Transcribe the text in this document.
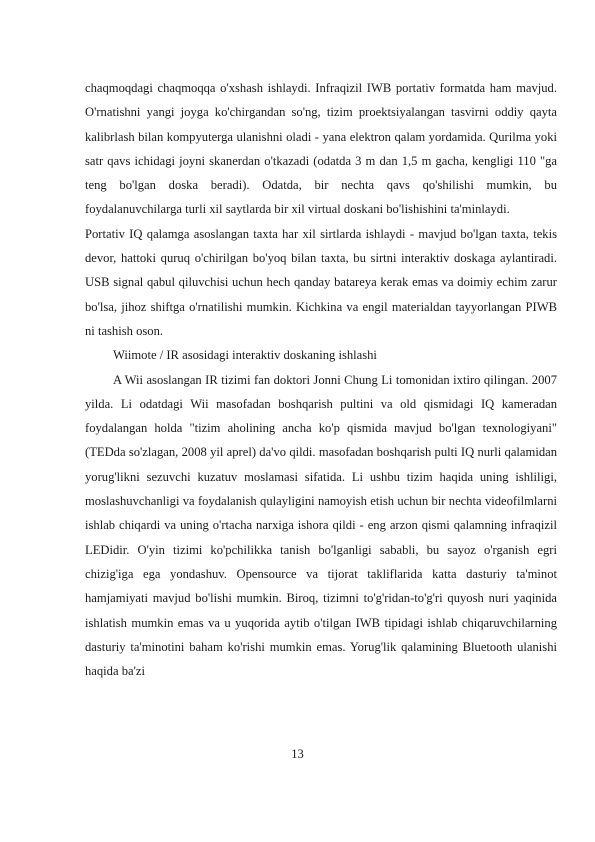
chaqmoqdagi chaqmoqqa o'xshash ishlaydi. Infraqizil IWB portativ formatda ham mavjud. O'rnatishni yangi joyga ko'chirgandan so'ng, tizim proektsiyalangan tasvirni oddiy qayta kalibrlash bilan kompyuterga ulanishni oladi - yana elektron qalam yordamida. Qurilma yoki satr qavs ichidagi joyni skanerdan o'tkazadi (odatda 3 m dan 1,5 m gacha, kengligi 110 "ga teng bo'lgan doska beradi). Odatda, bir nechta qavs qo'shilishi mumkin, bu foydalanuvchilarga turli xil saytlarda bir xil virtual doskani bo'lishishini ta'minlaydi.

Portativ IQ qalamga asoslangan taxta har xil sirtlarda ishlaydi - mavjud bo'lgan taxta, tekis devor, hattoki quruq o'chirilgan bo'yoq bilan taxta, bu sirtni interaktiv doskaga aylantiradi. USB signal qabul qiluvchisi uchun hech qanday batareya kerak emas va doimiy echim zarur bo'lsa, jihoz shiftga o'rnatilishi mumkin. Kichkina va engil materialdan tayyorlangan PIWB ni tashish oson.

Wiimote / IR asosidagi interaktiv doskaning ishlashi

A Wii asoslangan IR tizimi fan doktori Jonni Chung Li tomonidan ixtiro qilingan. 2007 yilda. Li odatdagi Wii masofadan boshqarish pultini va old qismidagi IQ kameradan foydalangan holda "tizim aholining ancha ko'p qismida mavjud bo'lgan texnologiyani" (TEDda so'zlagan, 2008 yil aprel) da'vo qildi. masofadan boshqarish pulti IQ nurli qalamidan yorug'likni sezuvchi kuzatuv moslamasi sifatida. Li ushbu tizim haqida uning ishliligi, moslashuvchanligi va foydalanish qulayligini namoyish etish uchun bir nechta videofilmlarni ishlab chiqardi va uning o'rtacha narxiga ishora qildi - eng arzon qismi qalamning infraqizil LEDidir. O'yin tizimi ko'pchilikka tanish bo'lganligi sababli, bu sayoz o'rganish egri chizig'iga ega yondashuv. Opensource va tijorat takliflarida katta dasturiy ta'minot hamjamiyati mavjud bo'lishi mumkin. Biroq, tizimni to'g'ridan-to'g'ri quyosh nuri yaqinida ishlatish mumkin emas va u yuqorida aytib o'tilgan IWB tipidagi ishlab chiqaruvchilarning dasturiy ta'minotini baham ko'rishi mumkin emas. Yorug'lik qalamining Bluetooth ulanishi haqida ba'zi

13
